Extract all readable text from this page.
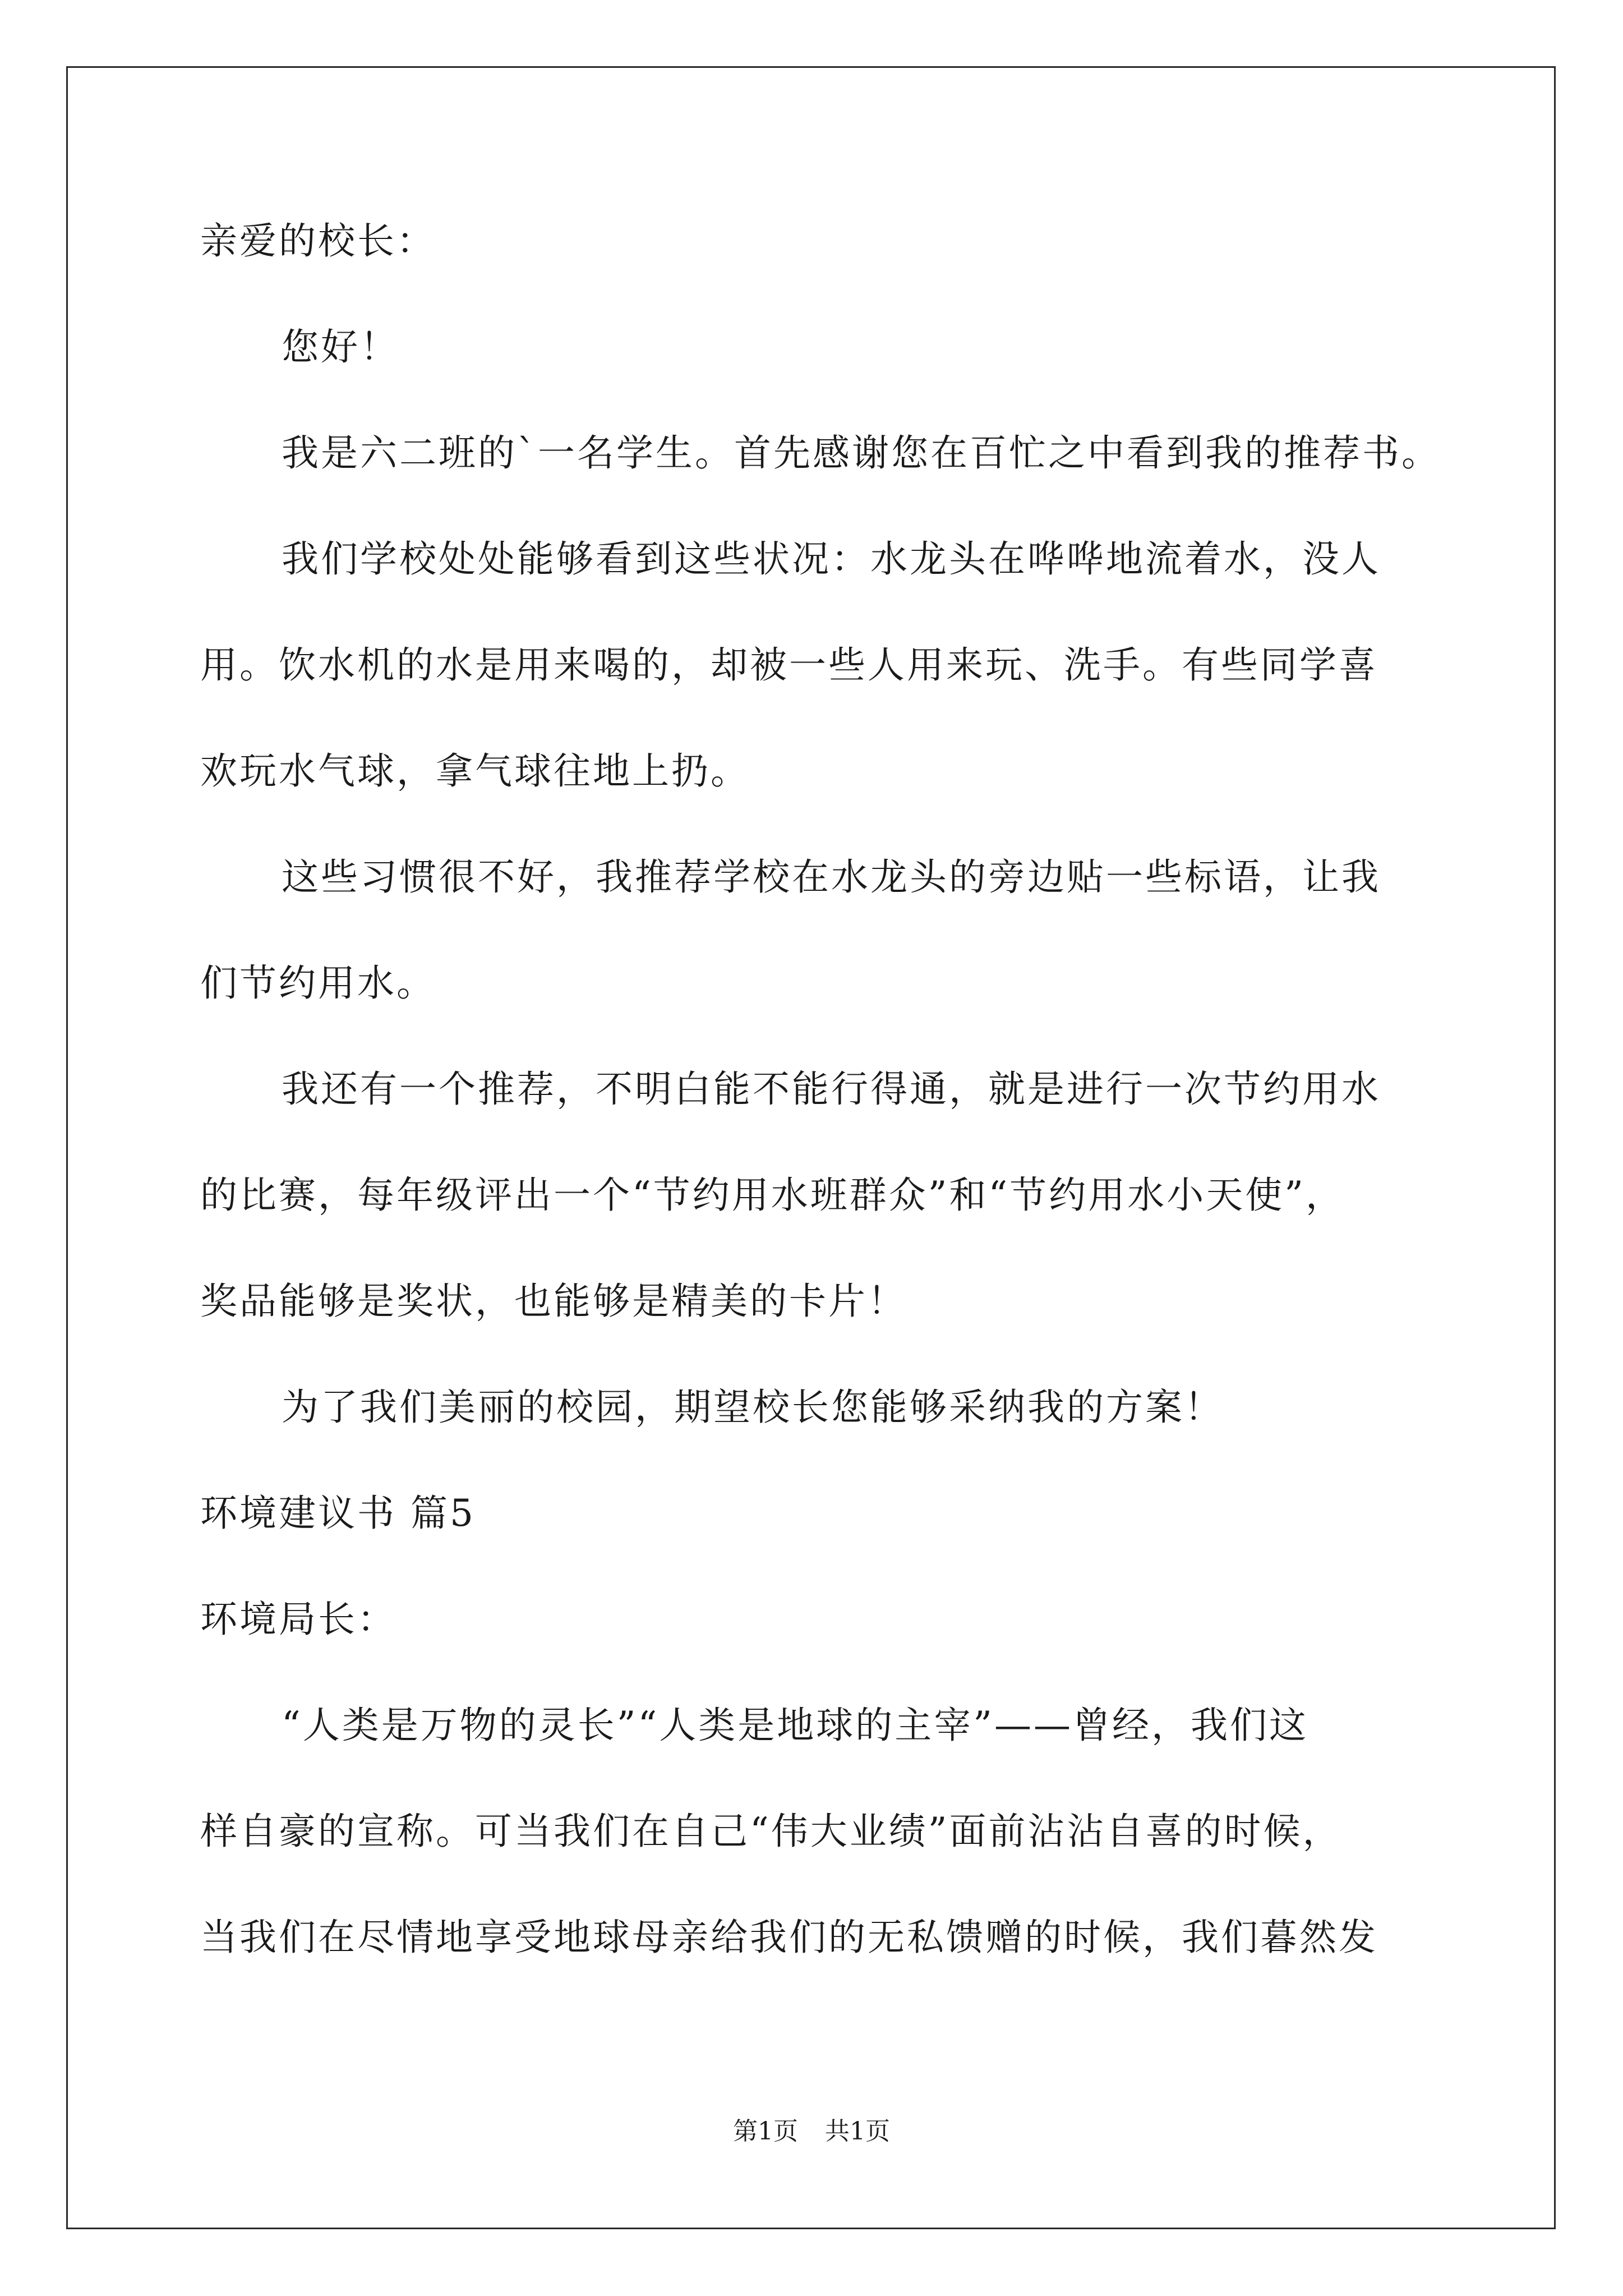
亲爱的校长：
您好！
我是六二班的`一名学生。首先感谢您在百忙之中看到我的推荐书。
我们学校处处能够看到这些状况：水龙头在哗哗地流着水，没人
用。饮水机的水是用来喝的，却被一些人用来玩、洗手。有些同学喜
欢玩水气球，拿气球往地上扔。
这些习惯很不好，我推荐学校在水龙头的旁边贴一些标语，让我
们节约用水。
我还有一个推荐，不明白能不能行得通，就是进行一次节约用水
的比赛，每年级评出一个“节约用水班群众”和“节约用水小天使”，
奖品能够是奖状，也能够是精美的卡片！
为了我们美丽的校园，期望校长您能够采纳我的方案！
环境建议书 篇5
环境局长：
“人类是万物的灵长”“人类是地球的主宰”——曾经，我们这
样自豪的宣称。可当我们在自己“伟大业绩”面前沾沾自喜的时候，
当我们在尽情地享受地球母亲给我们的无私馈赠的时候，我们暮然发
第1页 共1页
